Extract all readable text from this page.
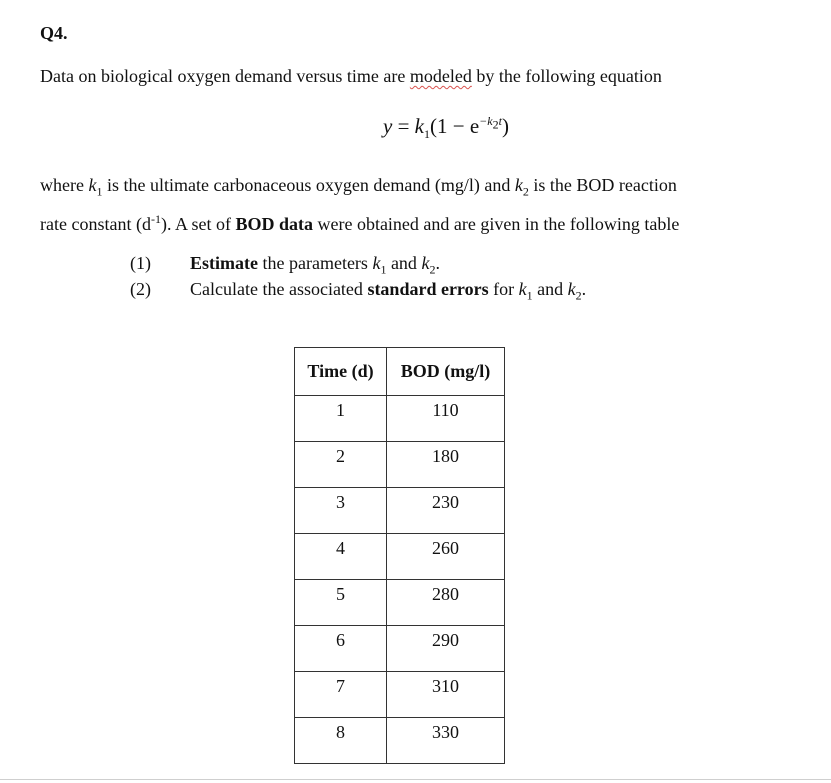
Q4.
Data on biological oxygen demand versus time are modeled by the following equation
$y = k_1(1 - e^{-k_2t})$
where $k_1$ is the ultimate carbonaceous oxygen demand (mg/l) and $k_2$ is the BOD reaction
rate constant $(d^{-1})$. A set of BOD data were obtained and are given in the following table
(1) Estimate the parameters $k_1$ and $k_2$.
(2) Calculate the associated standard errors for $k_1$ and $k_2$.
Time (d)	BOD (mg/l)
1	110
2	180
3	230
4	260
5	280
6	290
7	310
8	330
